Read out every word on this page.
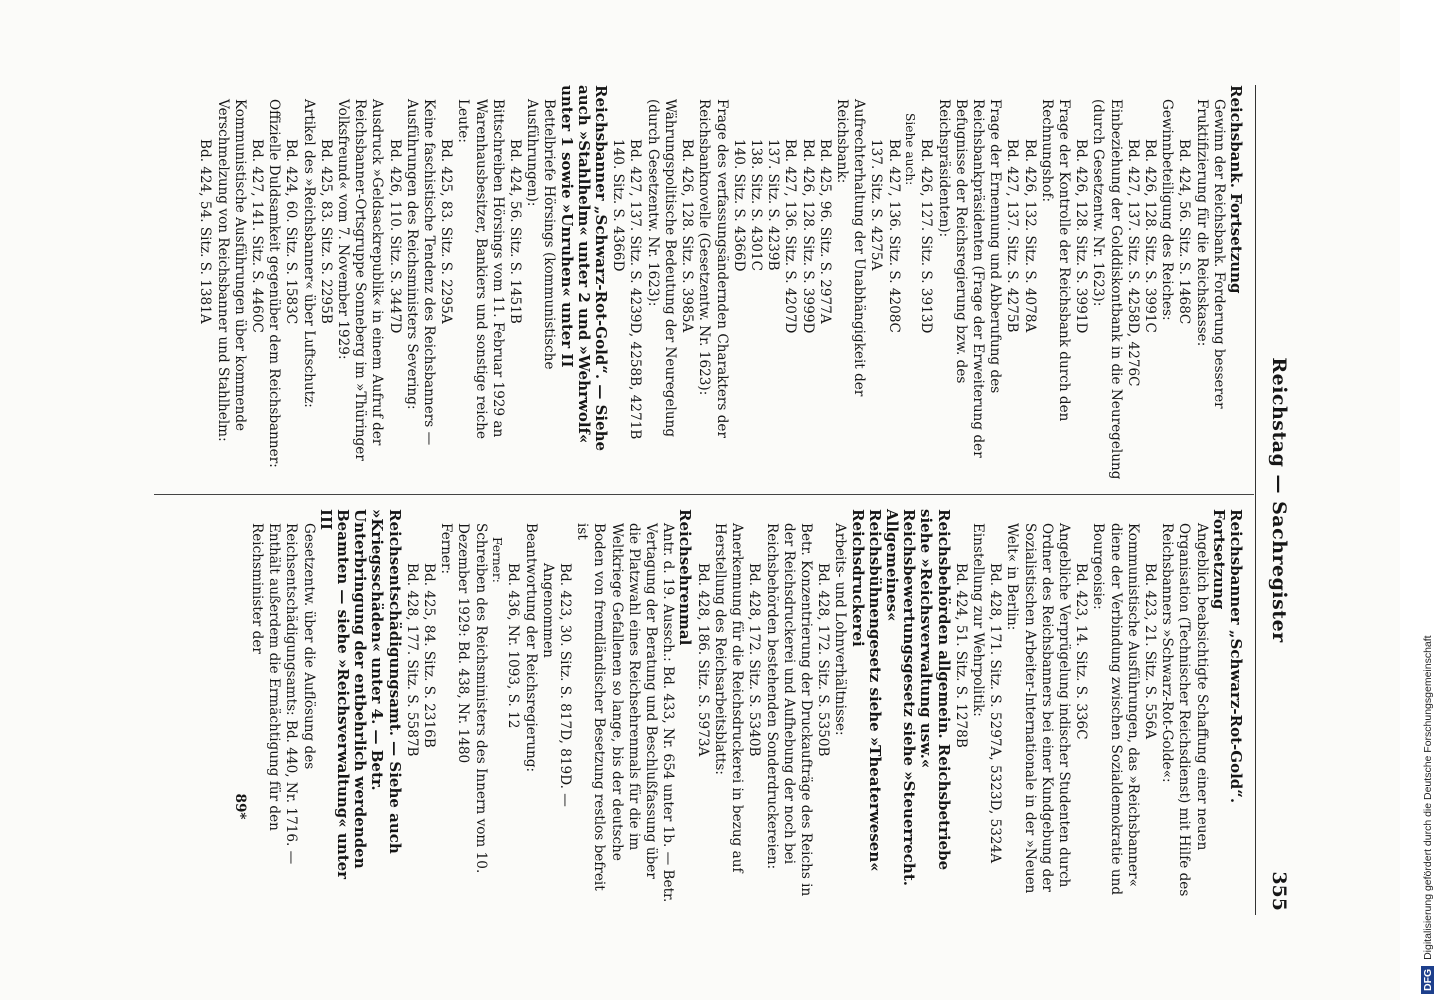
Reichstag — Sachregister
355

Reichsbank. Fortsetzung

Gewinn der Reichsbank. Forderung besserer Fruktifizierung für die Reichskasse:

Bd. 424, 56. Sitz. S. 1468C

Gewinnbeteiligung des Reiches:

Bd. 426, 128. Sitz. S. 3991C

Bd. 427, 137. Sitz. S. 4258D, 4276C

Einbeziehung der Golddiskontbank in die Neuregelung (durch Gesetzentw. Nr. 1623):

Bd. 426, 128. Sitz. S. 3991D

Frage der Kontrolle der Reichsbank durch den Rechnungshof:

Bd. 426, 132. Sitz. S. 4078A

Bd. 427, 137. Sitz. S. 4275B

Frage der Ernennung und Abberufung des Reichsbankpräsidenten (Frage der Erweiterung der Befugnisse der Reichsregierung bzw. des Reichspräsidenten):

Bd. 426, 127. Sitz. S. 3913D

Siehe auch:

Bd. 427, 136. Sitz. S. 4208C

137. Sitz. S. 4275A

Aufrechterhaltung der Unabhängigkeit der Reichsbank:

Bd. 425, 96. Sitz. S. 2977A

Bd. 426, 128. Sitz. S. 3999D

Bd. 427, 136. Sitz. S. 4207D

137. Sitz. S. 4239B

138. Sitz. S. 4301C

140. Sitz. S. 4366D

Frage des verfassungsändernden Charakters der Reichsbanknovelle (Gesetzentw. Nr. 1623):

Bd. 426, 128. Sitz. S. 3985A

Währungspolitische Bedeutung der Neuregelung (durch Gesetzentw. Nr. 1623):

Bd. 427, 137. Sitz. S. 4239D, 4258B, 4271B

140. Sitz. S. 4366D

Reichsbanner „Schwarz-Rot-Gold“. — Siehe auch »Stahlhelm« unter 2 und »Wehrwolf« unter 1 sowie »Unruhen« unter II

Bettelbriefe Hörsings (kommunistische Ausführungen):

Bd. 424, 56. Sitz. S. 1451B

Bittschreiben Hörsings vom 11. Februar 1929 an Warenhausbesitzer, Bankiers und sonstige reiche Leute:

Bd. 425, 83. Sitz. S. 2295A

Keine faschistische Tendenz des Reichsbanners — Ausführungen des Reichsministers Severing:

Bd. 426, 110. Sitz. S. 3447D

Ausdruck »Geldsackrepublik« in einem Aufruf der Reichsbanner-Ortsgruppe Sonneberg im »Thüringer Volksfreund« vom 7. November 1929:

Bd. 425, 83. Sitz. S. 2295B

Artikel des »Reichsbanner« über Luftschutz:

Bd. 424, 60. Sitz. S. 1583C

Offizielle Duldsamkeit gegenüber dem Reichsbanner:

Bd. 427, 141. Sitz. S. 4460C

Kommunistische Ausführungen über kommende Verschmelzung von Reichsbanner und Stahlhelm:

Bd. 424, 54. Sitz. S. 1381A

Reichsbanner „Schwarz-Rot-Gold“. Fortsetzung

Angeblich beabsichtigte Schaffung einer neuen Organisation (Technischer Reichsdienst) mit Hilfe des Reichsbanners »Schwarz-Rot-Golde«:

Bd. 423, 21. Sitz. S. 556A

Kommunistische Ausführungen, das »Reichsbanner« diene der Verbindung zwischen Sozialdemokratie und Bourgeoisie:

Bd. 423, 14. Sitz. S. 336C

Angebliche Verprügelung indischer Studenten durch Ordner des Reichsbanners bei einer Kundgebung der Sozialistischen Arbeiter-Internationale in der »Neuen Welt« in Berlin:

Bd. 428, 171. Sitz. S. 5297A, 5323D, 5324A

Einstellung zur Wehrpolitik:

Bd. 424, 51. Sitz. S. 1278B

Reichsbehörden allgemein. Reichsbetriebe siehe »Reichsverwaltung usw.«

Reichsbewertungsgesetz siehe »Steuerrecht. Allgemeines«

Reichsbühnengesetz siehe »Theaterwesen«

Reichsdruckerei

Arbeits- und Lohnverhältnisse:

Bd. 428, 172. Sitz. S. 5350B

Betr. Konzentrierung der Druckaufträge des Reichs in der Reichsdruckerei und Aufhebung der noch bei Reichsbehörden bestehenden Sonderdruckereien:

Bd. 428, 172. Sitz. S. 5340B

Anerkennung für die Reichsdruckerei in bezug auf Herstellung des Reichsarbeitsblatts:

Bd. 428, 186. Sitz. S. 5973A

Reichsehrenmal

Antr. d. 19. Aussch.: Bd. 433, Nr. 654 unter 1b. — Betr. Vertagung der Beratung und Beschlußfassung über die Platzwahl eines Reichsehrenmals für die im Weltkriege Gefallenen so lange, bis der deutsche Boden von fremdländischer Besetzung restlos befreit ist

Bd. 423, 30. Sitz. S. 817D, 819D. — Angenommen

Beantwortung der Reichsregierung:

Bd. 436, Nr. 1093, S. 12

Ferner:

Schreiben des Reichsministers des Innern vom 10. Dezember 1929: Bd. 438, Nr. 1480

Ferner:

Bd. 425, 84. Sitz. S. 2316B

Bd. 428, 177. Sitz. S. 5587B

Reichsentschädigungsamt. — Siehe auch »Kriegsschäden« unter 4. — Betr. Unterbringung der entbehrlich werdenden Beamten — siehe »Reichsverwaltung« unter III

Gesetzentw. über die Auflösung des Reichsentschädigungsamts: Bd. 440, Nr. 1716. — Enthält außerdem die Ermächtigung für den Reichsminister der

89*

DFG Digitalisierung gefördert durch die Deutsche Forschungsgemeinschaft
